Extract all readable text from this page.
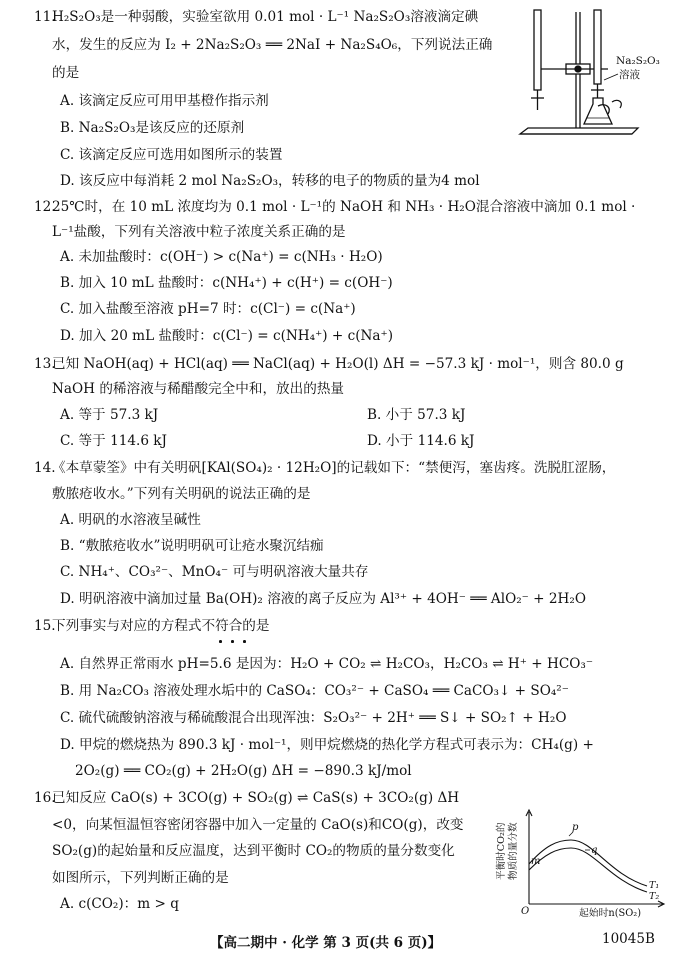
11.
H₂S₂O₃是一种弱酸，实验室欲用 0.01 mol · L⁻¹ Na₂S₂O₃溶液滴定碘
水，发生的反应为 I₂ + 2Na₂S₂O₃ ══ 2NaI + Na₂S₄O₆，下列说法正确
的是
A. 该滴定反应可用甲基橙作指示剂
B. Na₂S₂O₃是该反应的还原剂
C. 该滴定反应可选用如图所示的装置
D. 该反应中每消耗 2 mol Na₂S₂O₃，转移的电子的物质的量为4 mol
Na₂S₂O₃
溶液
12.
25℃时，在 10 mL 浓度均为 0.1 mol · L⁻¹的 NaOH 和 NH₃ · H₂O混合溶液中滴加 0.1 mol ·
L⁻¹盐酸，下列有关溶液中粒子浓度关系正确的是
A. 未加盐酸时：c(OH⁻) > c(Na⁺) = c(NH₃ · H₂O)
B. 加入 10 mL 盐酸时：c(NH₄⁺) + c(H⁺) = c(OH⁻)
C. 加入盐酸至溶液 pH=7 时：c(Cl⁻) = c(Na⁺)
D. 加入 20 mL 盐酸时：c(Cl⁻) = c(NH₄⁺) + c(Na⁺)
13.
已知 NaOH(aq) + HCl(aq) ══ NaCl(aq) + H₂O(l) ΔH = −57.3 kJ · mol⁻¹，则含 80.0 g
NaOH 的稀溶液与稀醋酸完全中和，放出的热量
A. 等于 57.3 kJ	B. 小于 57.3 kJ
C. 等于 114.6 kJ	D. 小于 114.6 kJ
14.
《本草蒙筌》中有关明矾[KAl(SO₄)₂ · 12H₂O]的记载如下：“禁便泻，塞齿疼。洗脱肛涩肠，
敷脓疮收水。”下列有关明矾的说法正确的是
A. 明矾的水溶液呈碱性
B. “敷脓疮收水”说明明矾可让疮水聚沉结痂
C. NH₄⁺、CO₃²⁻、MnO₄⁻ 可与明矾溶液大量共存
D. 明矾溶液中滴加过量 Ba(OH)₂ 溶液的离子反应为 Al³⁺ + 4OH⁻ ══ AlO₂⁻ + 2H₂O
15.
下列事实与对应的方程式不符合的是
A. 自然界正常雨水 pH=5.6 是因为：H₂O + CO₂ ⇌ H₂CO₃，H₂CO₃ ⇌ H⁺ + HCO₃⁻
B. 用 Na₂CO₃ 溶液处理水垢中的 CaSO₄：CO₃²⁻ + CaSO₄ ══ CaCO₃↓ + SO₄²⁻
C. 硫代硫酸钠溶液与稀硫酸混合出现浑浊：S₂O₃²⁻ + 2H⁺ ══ S↓ + SO₂↑ + H₂O
D. 甲烷的燃烧热为 890.3 kJ · mol⁻¹，则甲烷燃烧的热化学方程式可表示为：CH₄(g) +
2O₂(g) ══ CO₂(g) + 2H₂O(g) ΔH = −890.3 kJ/mol
16.
已知反应 CaO(s) + 3CO(g) + SO₂(g) ⇌ CaS(s) + 3CO₂(g) ΔH
<0，向某恒温恒容密闭容器中加入一定量的 CaO(s)和CO(g)，改变
SO₂(g)的起始量和反应温度，达到平衡时 CO₂的物质的量分数变化
如图所示，下列判断正确的是
A. c(CO₂)：m > q
平衡时CO₂的 物质的量分数
O	起始时n(SO₂)
p
q
m
T₁
T₂
【高二期中 · 化学 第 3 页(共 6 页)】	10045B
